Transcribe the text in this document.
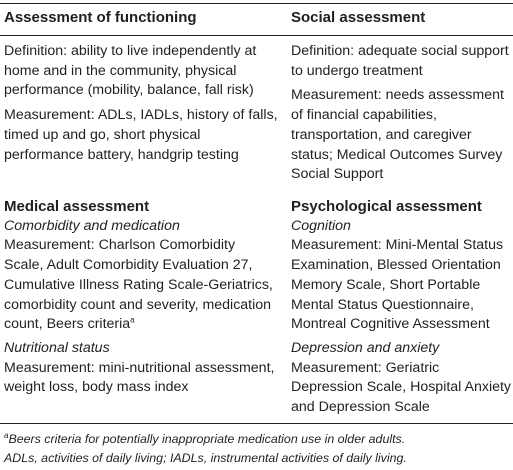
Assessment of functioning	Social assessment
Definition: ability to live independently at home and in the community, physical performance (mobility, balance, fall risk)
Measurement: ADLs, IADLs, history of falls, timed up and go, short physical performance battery, handgrip testing
Definition: adequate social support to undergo treatment
Measurement: needs assessment of financial capabilities, transportation, and caregiver status; Medical Outcomes Survey Social Support
Medical assessment
Comorbidity and medication
Measurement: Charlson Comorbidity Scale, Adult Comorbidity Evaluation 27, Cumulative Illness Rating Scale-Geriatrics, comorbidity count and severity, medication count, Beers criteria$^a$
Nutritional status
Measurement: mini-nutritional assessment, weight loss, body mass index
Psychological assessment
Cognition
Measurement: Mini-Mental Status Examination, Blessed Orientation Memory Scale, Short Portable Mental Status Questionnaire, Montreal Cognitive Assessment
Depression and anxiety
Measurement: Geriatric Depression Scale, Hospital Anxiety and Depression Scale
$^a$Beers criteria for potentially inappropriate medication use in older adults.
ADLs, activities of daily living; IADLs, instrumental activities of daily living.
